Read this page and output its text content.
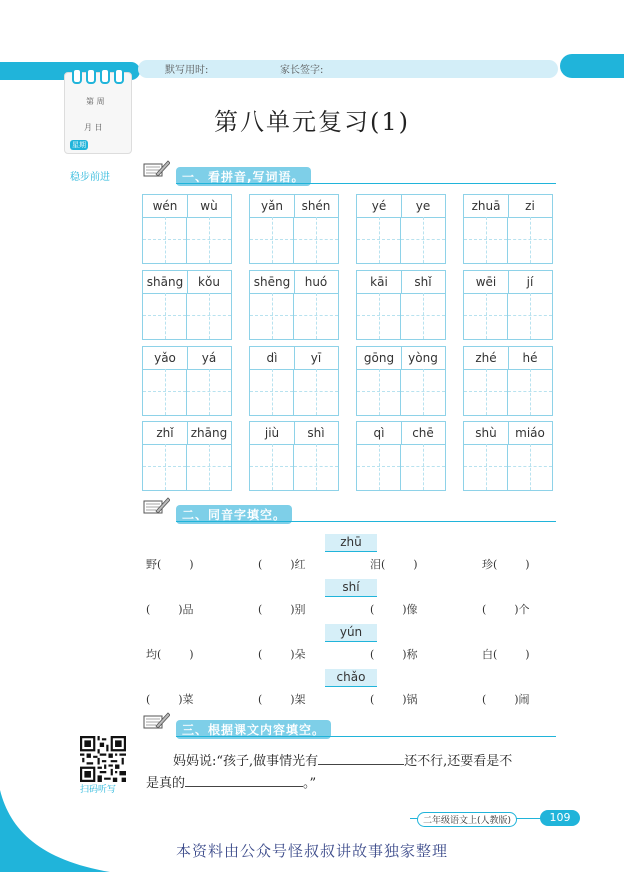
默写用时:	家长签字:
第 周
月 日
星期
稳步前进
第八单元复习(1)
一、看拼音,写词语。
wén	wù	yǎn	shén	yé	ye	zhuā	zi
shāng	kǒu	shēng	huó	kāi	shǐ	wēi	jí
yǎo	yá	dì	yī	gōng	yòng	zhé	hé
zhǐ	zhāng	jiù	shì	qì	chē	shù	miáo
二、同音字填空。
zhū
野(        )	(        )红	泪(        )	珍(        )
shí
(        )品	(        )别	(        )像	(        )个
yún
均(        )	(        )朵	(        )称	白(        )
chǎo
(        )菜	(        )架	(        )锅	(        )闹
三、根据课文内容填空。
妈妈说:“孩子,做事情光有	还不行,还要看是不
是真的	。”
扫码听写
二年级语文上(人教版)	109
本资料由公众号怪叔叔讲故事独家整理
